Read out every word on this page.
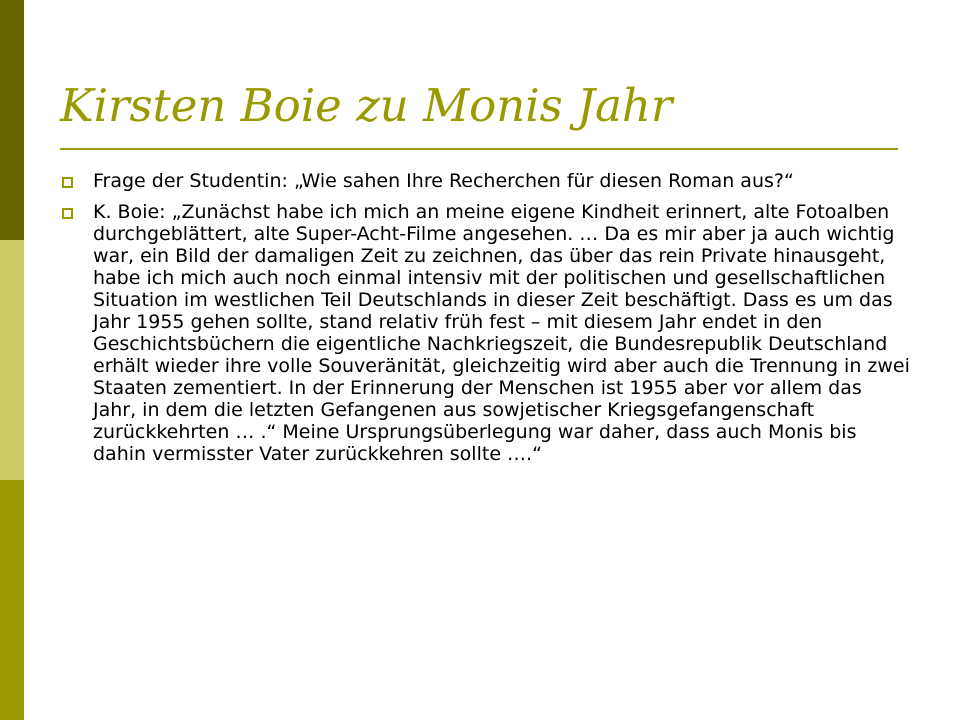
Kirsten Boie zu Monis Jahr
Frage der Studentin: „Wie sahen Ihre Recherchen für diesen Roman aus?“
K. Boie: „Zunächst habe ich mich an meine eigene Kindheit erinnert, alte Fotoalben durchgeblättert, alte Super-Acht-Filme angesehen. … Da es mir aber ja auch wichtig war, ein Bild der damaligen Zeit zu zeichnen, das über das rein Private hinausgeht, habe ich mich auch noch einmal intensiv mit der politischen und gesellschaftlichen Situation im westlichen Teil Deutschlands in dieser Zeit beschäftigt. Dass es um das Jahr 1955 gehen sollte, stand relativ früh fest – mit diesem Jahr endet in den Geschichtsbüchern die eigentliche Nachkriegszeit, die Bundesrepublik Deutschland erhält wieder ihre volle Souveränität, gleichzeitig wird aber auch die Trennung in zwei Staaten zementiert. In der Erinnerung der Menschen ist 1955 aber vor allem das Jahr, in dem die letzten Gefangenen aus sowjetischer Kriegsgefangenschaft zurückkehrten … .“ Meine Ursprungsüberlegung war daher, dass auch Monis bis dahin vermisster Vater zurückkehren sollte ….“
